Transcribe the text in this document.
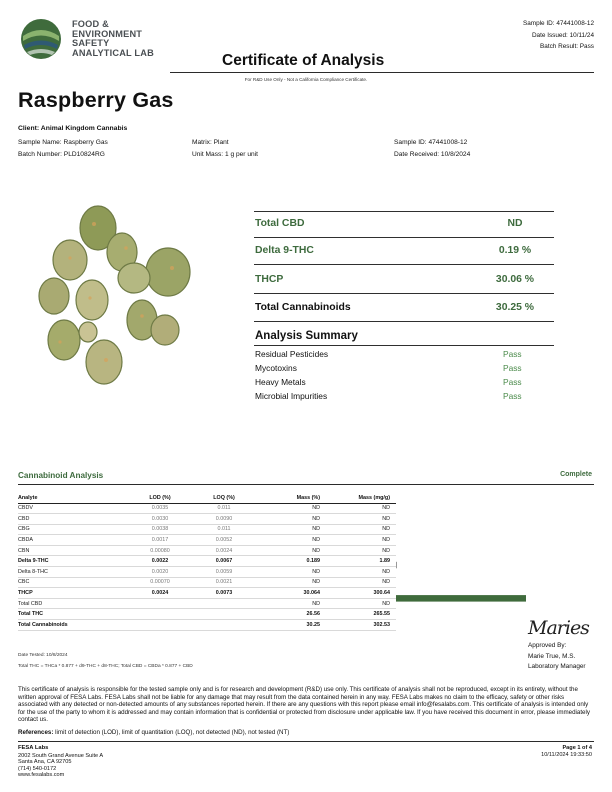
FOOD &
ENVIRONMENT
SAFETY
ANALYTICAL LAB
Sample ID: 47441008-12
Date Issued: 10/11/24
Batch Result: Pass
Certificate of Analysis
For R&D Use Only - Not a California Compliance Certificate.
Raspberry Gas
Client: Animal Kingdom Cannabis
Sample Name: Raspberry Gas
Batch Number: PLD10824RG
Matrix: Plant
Unit Mass: 1 g per unit
Sample ID: 47441008-12
Date Received: 10/8/2024
Total CBD	ND
Delta 9-THC	0.19 %
THCP	30.06 %
Total Cannabinoids	30.25 %
Analysis Summary
Residual Pesticides	Pass
Mycotoxins	Pass
Heavy Metals	Pass
Microbial Impurities	Pass
Cannabinoid Analysis	Complete
Analyte	LOD (%)	LOQ (%)	Mass (%)	Mass (mg/g)
CBDV	0.0035	0.011	ND	ND
CBD	0.0030	0.0090	ND	ND
CBG	0.0038	0.011	ND	ND
CBDA	0.0017	0.0052	ND	ND
CBN	0.00080	0.0024	ND	ND
Delta 9-THC	0.0022	0.0067	0.189	1.89
Delta 8-THC	0.0020	0.0059	ND	ND
CBC	0.00070	0.0021	ND	ND
THCP	0.0024	0.0073	30.064	300.64
Total CBD			ND	ND
Total THC			26.56	265.55
Total Cannabinoids			30.25	302.53
Date Tested: 10/8/2024
Total THC = THCa * 0.877 + d9-THC + d8-THC; Total CBD = CBDa * 0.877 + CBD
Maries
Approved By:
Marie True, M.S.
Laboratory Manager
This certificate of analysis is responsible for the tested sample only and is for research and development (R&D) use only. This certificate of analysis shall not be reproduced, except in its entirety, without the written approval of FESA Labs. FESA Labs shall not be liable for any damage that may result from the data contained herein in any way. FESA Labs makes no claim to the efficacy, safety or other risks associated with any detected or non-detected amounts of any substances reported herein. If there are any questions with this report please email info@fesalabs.com. This certificate of analysis is intended only for the use of the party to whom it is addressed and may contain information that is confidential or protected from disclosure under applicable law. If you have received this document in error, please immediately contact us.
References: limit of detection (LOD), limit of quantitation (LOQ), not detected (ND), not tested (NT)
FESA Labs
2002 South Grand Avenue Suite A
Santa Ana, CA 92705
(714) 540-0172
www.fesalabs.com
Page 1 of 4
10/11/2024 19:33:50
